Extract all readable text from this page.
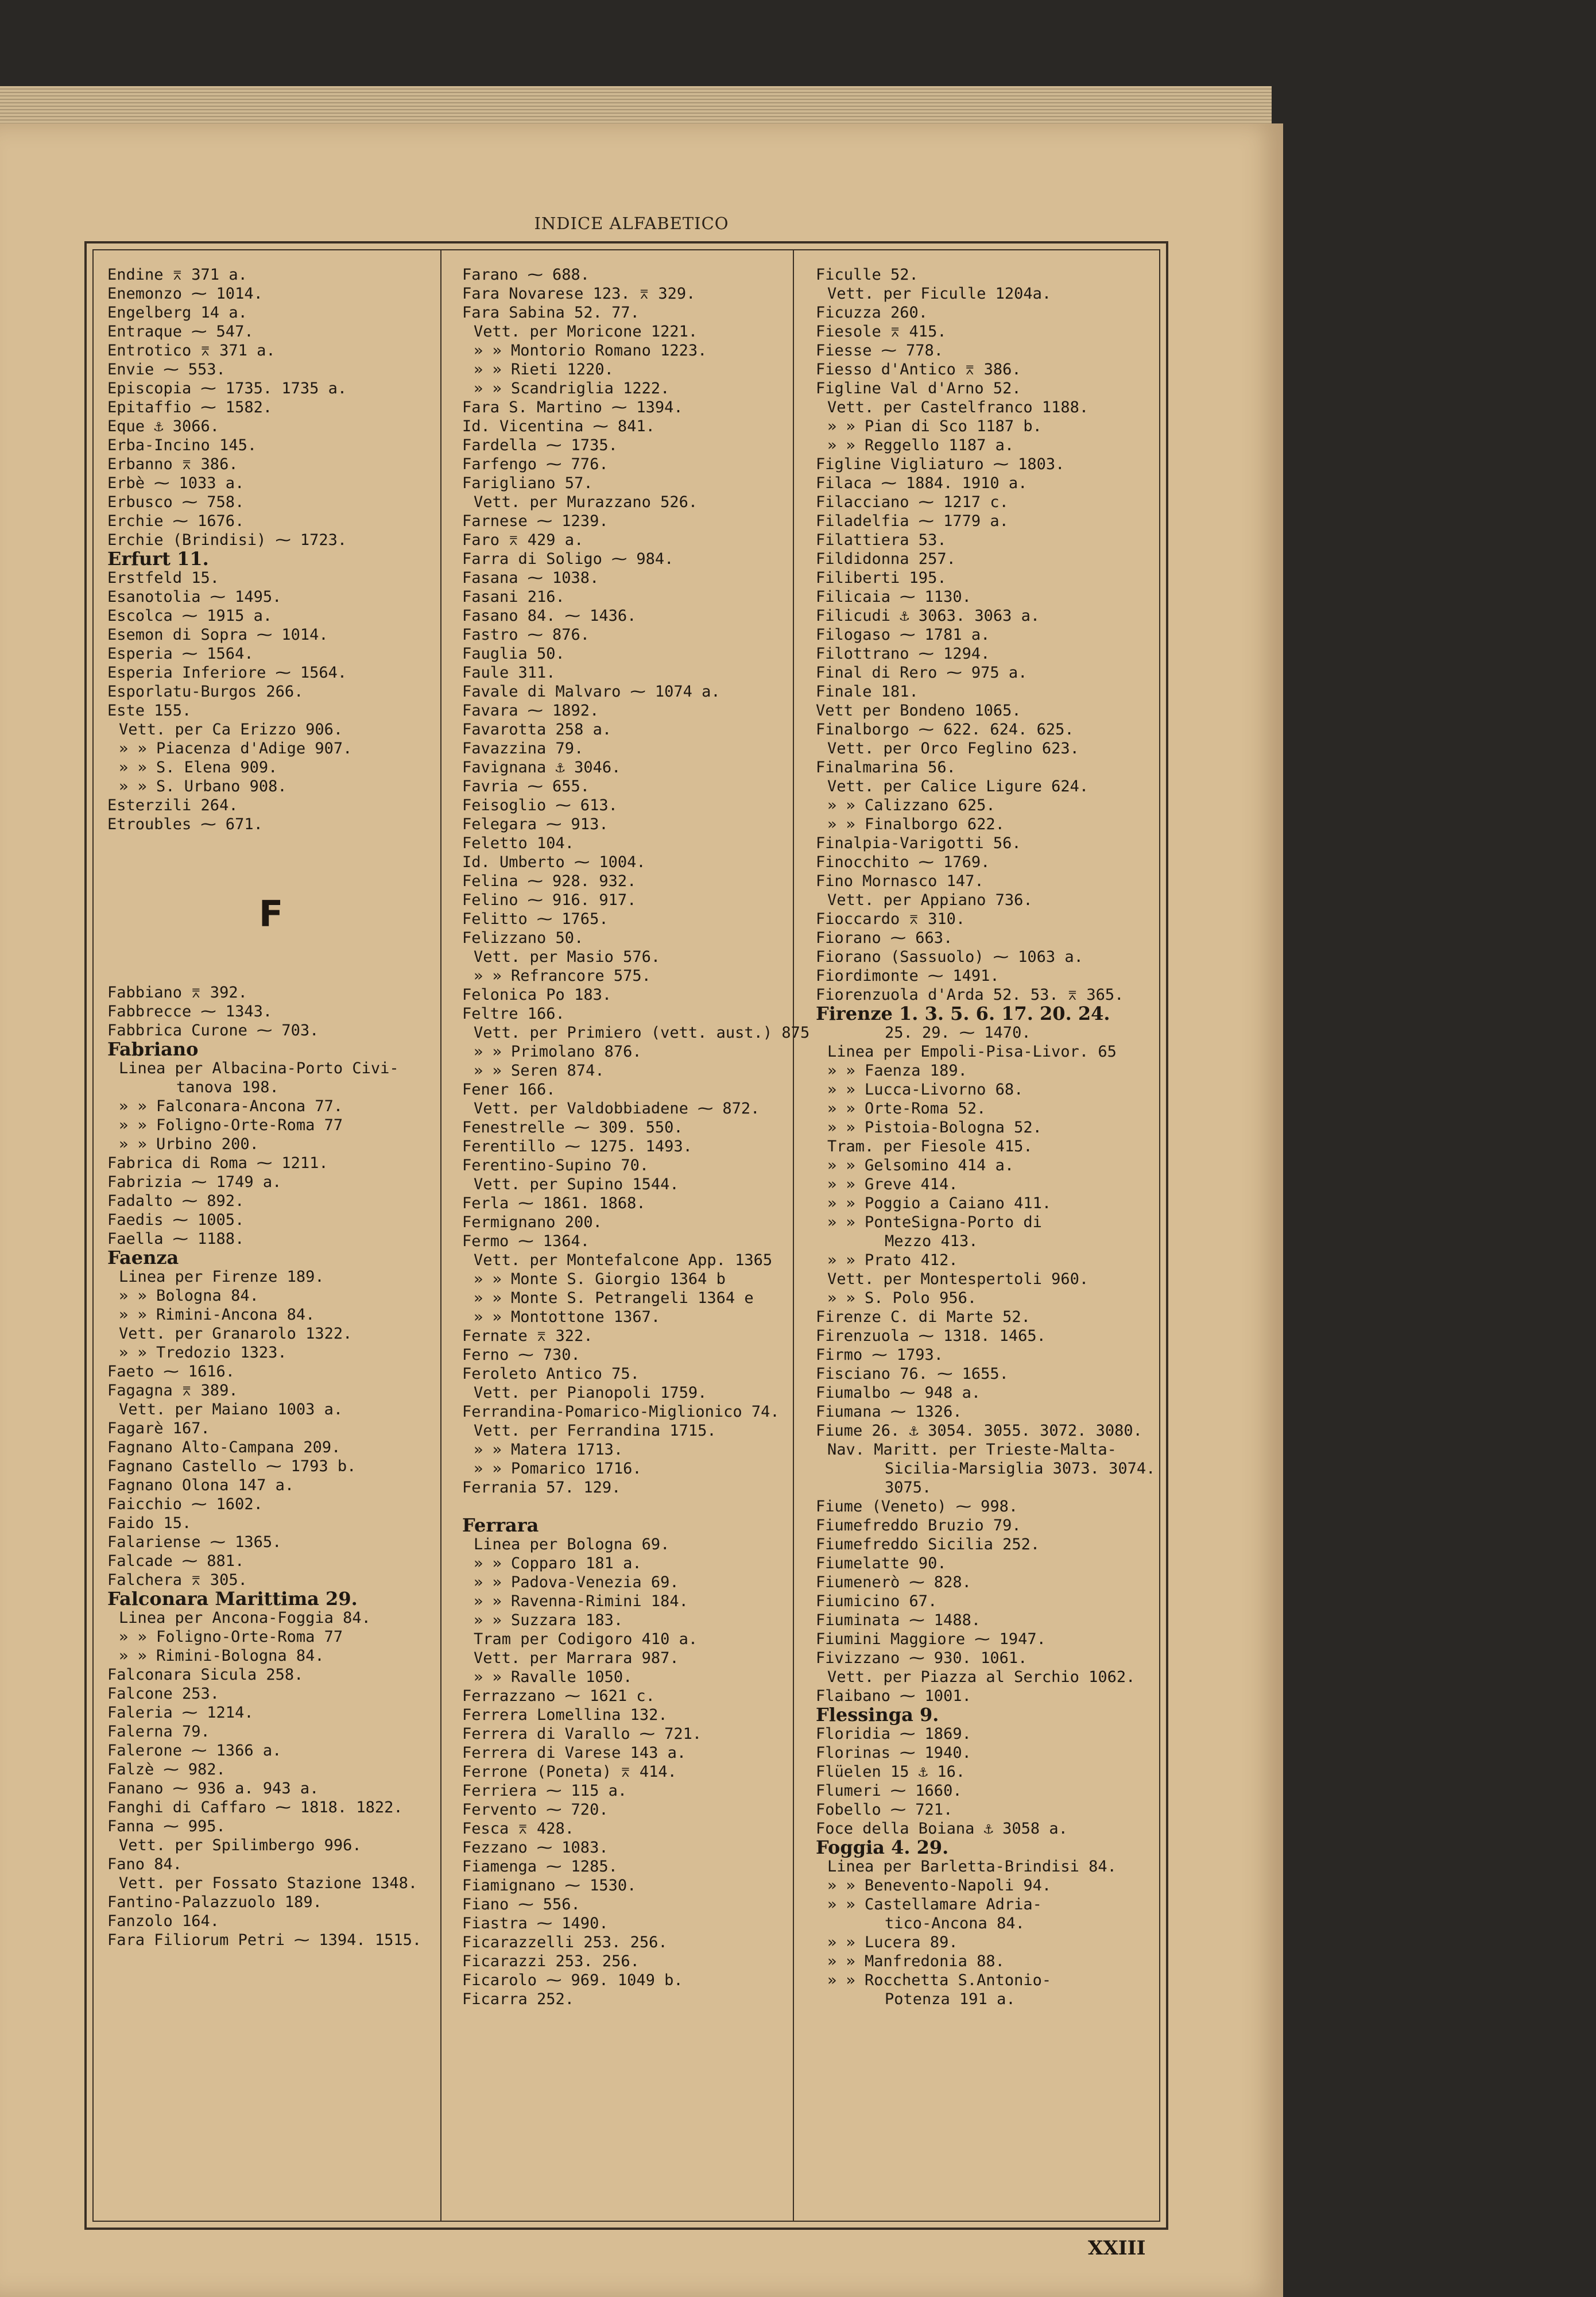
INDICE ALFABETICO
Endine ⌆ 371 a.
Enemonzo ⁓ 1014.
Engelberg 14 a.
Entraque ⁓ 547.
Entrotico ⌆ 371 a.
Envie ⁓ 553.
Episcopia ⁓ 1735. 1735 a.
Epitaffio ⁓ 1582.
Eque ⚓ 3066.
Erba-Incino 145.
Erbanno ⌆ 386.
Erbè ⁓ 1033 a.
Erbusco ⁓ 758.
Erchie ⁓ 1676.
Erchie (Brindisi) ⁓ 1723.
Erfurt 11.
Erstfeld 15.
Esanotolia ⁓ 1495.
Escolca ⁓ 1915 a.
Esemon di Sopra ⁓ 1014.
Esperia ⁓ 1564.
Esperia Inferiore ⁓ 1564.
Esporlatu-Burgos 266.
Este 155.
Vett. per Ca Erizzo 906.
» » Piacenza d'Adige 907.
» » S. Elena 909.
» » S. Urbano 908.
Esterzili 264.
Etroubles ⁓ 671.
F
Fabbiano ⌆ 392.
Fabbrecce ⁓ 1343.
Fabbrica Curone ⁓ 703.
Fabriano
Linea per Albacina-Porto Civi-
tanova 198.
» » Falconara-Ancona 77.
» » Foligno-Orte-Roma 77
» » Urbino 200.
Fabrica di Roma ⁓ 1211.
Fabrizia ⁓ 1749 a.
Fadalto ⁓ 892.
Faedis ⁓ 1005.
Faella ⁓ 1188.
Faenza
Linea per Firenze 189.
» » Bologna 84.
» » Rimini-Ancona 84.
Vett. per Granarolo 1322.
» » Tredozio 1323.
Faeto ⁓ 1616.
Fagagna ⌆ 389.
Vett. per Maiano 1003 a.
Fagarè 167.
Fagnano Alto-Campana 209.
Fagnano Castello ⁓ 1793 b.
Fagnano Olona 147 a.
Faicchio ⁓ 1602.
Faido 15.
Falariense ⁓ 1365.
Falcade ⁓ 881.
Falchera ⌆ 305.
Falconara Marittima 29.
Linea per Ancona-Foggia 84.
» » Foligno-Orte-Roma 77
» » Rimini-Bologna 84.
Falconara Sicula 258.
Falcone 253.
Faleria ⁓ 1214.
Falerna 79.
Falerone ⁓ 1366 a.
Falzè ⁓ 982.
Fanano ⁓ 936 a. 943 a.
Fanghi di Caffaro ⁓ 1818. 1822.
Fanna ⁓ 995.
Vett. per Spilimbergo 996.
Fano 84.
Vett. per Fossato Stazione 1348.
Fantino-Palazzuolo 189.
Fanzolo 164.
Fara Filiorum Petri ⁓ 1394. 1515.
Farano ⁓ 688.
Fara Novarese 123. ⌆ 329.
Fara Sabina 52. 77.
Vett. per Moricone 1221.
» » Montorio Romano 1223.
» » Rieti 1220.
» » Scandriglia 1222.
Fara S. Martino ⁓ 1394.
Id. Vicentina ⁓ 841.
Fardella ⁓ 1735.
Farfengo ⁓ 776.
Farigliano 57.
Vett. per Murazzano 526.
Farnese ⁓ 1239.
Faro ⌆ 429 a.
Farra di Soligo ⁓ 984.
Fasana ⁓ 1038.
Fasani 216.
Fasano 84. ⁓ 1436.
Fastro ⁓ 876.
Fauglia 50.
Faule 311.
Favale di Malvaro ⁓ 1074 a.
Favara ⁓ 1892.
Favarotta 258 a.
Favazzina 79.
Favignana ⚓ 3046.
Favria ⁓ 655.
Feisoglio ⁓ 613.
Felegara ⁓ 913.
Feletto 104.
Id. Umberto ⁓ 1004.
Felina ⁓ 928. 932.
Felino ⁓ 916. 917.
Felitto ⁓ 1765.
Felizzano 50.
Vett. per Masio 576.
» » Refrancore 575.
Felonica Po 183.
Feltre 166.
Vett. per Primiero (vett. aust.) 875
» » Primolano 876.
» » Seren 874.
Fener 166.
Vett. per Valdobbiadene ⁓ 872.
Fenestrelle ⁓ 309. 550.
Ferentillo ⁓ 1275. 1493.
Ferentino-Supino 70.
Vett. per Supino 1544.
Ferla ⁓ 1861. 1868.
Fermignano 200.
Fermo ⁓ 1364.
Vett. per Montefalcone App. 1365
» » Monte S. Giorgio 1364 b
» » Monte S. Petrangeli 1364 e
» » Montottone 1367.
Fernate ⌆ 322.
Ferno ⁓ 730.
Feroleto Antico 75.
Vett. per Pianopoli 1759.
Ferrandina-Pomarico-Miglionico 74.
Vett. per Ferrandina 1715.
» » Matera 1713.
» » Pomarico 1716.
Ferrania 57. 129.
Ferrara
Linea per Bologna 69.
» » Copparo 181 a.
» » Padova-Venezia 69.
» » Ravenna-Rimini 184.
» » Suzzara 183.
Tram per Codigoro 410 a.
Vett. per Marrara 987.
» » Ravalle 1050.
Ferrazzano ⁓ 1621 c.
Ferrera Lomellina 132.
Ferrera di Varallo ⁓ 721.
Ferrera di Varese 143 a.
Ferrone (Poneta) ⌆ 414.
Ferriera ⁓ 115 a.
Fervento ⁓ 720.
Fesca ⌆ 428.
Fezzano ⁓ 1083.
Fiamenga ⁓ 1285.
Fiamignano ⁓ 1530.
Fiano ⁓ 556.
Fiastra ⁓ 1490.
Ficarazzelli 253. 256.
Ficarazzi 253. 256.
Ficarolo ⁓ 969. 1049 b.
Ficarra 252.
Ficulle 52.
Vett. per Ficulle 1204a.
Ficuzza 260.
Fiesole ⌆ 415.
Fiesse ⁓ 778.
Fiesso d'Antico ⌆ 386.
Figline Val d'Arno 52.
Vett. per Castelfranco 1188.
» » Pian di Sco 1187 b.
» » Reggello 1187 a.
Figline Vigliaturo ⁓ 1803.
Filaca ⁓ 1884. 1910 a.
Filacciano ⁓ 1217 c.
Filadelfia ⁓ 1779 a.
Filattiera 53.
Fildidonna 257.
Filiberti 195.
Filicaia ⁓ 1130.
Filicudi ⚓ 3063. 3063 a.
Filogaso ⁓ 1781 a.
Filottrano ⁓ 1294.
Final di Rero ⁓ 975 a.
Finale 181.
Vett per Bondeno 1065.
Finalborgo ⁓ 622. 624. 625.
Vett. per Orco Feglino 623.
Finalmarina 56.
Vett. per Calice Ligure 624.
» » Calizzano 625.
» » Finalborgo 622.
Finalpia-Varigotti 56.
Finocchito ⁓ 1769.
Fino Mornasco 147.
Vett. per Appiano 736.
Fioccardo ⌆ 310.
Fiorano ⁓ 663.
Fiorano (Sassuolo) ⁓ 1063 a.
Fiordimonte ⁓ 1491.
Fiorenzuola d'Arda 52. 53. ⌆ 365.
Firenze 1. 3. 5. 6. 17. 20. 24.
25. 29. ⁓ 1470.
Linea per Empoli-Pisa-Livor. 65
» » Faenza 189.
» » Lucca-Livorno 68.
» » Orte-Roma 52.
» » Pistoia-Bologna 52.
Tram. per Fiesole 415.
» » Gelsomino 414 a.
» » Greve 414.
» » Poggio a Caiano 411.
» » PonteSigna-Porto di
Mezzo 413.
» » Prato 412.
Vett. per Montespertoli 960.
» » S. Polo 956.
Firenze C. di Marte 52.
Firenzuola ⁓ 1318. 1465.
Firmo ⁓ 1793.
Fisciano 76. ⁓ 1655.
Fiumalbo ⁓ 948 a.
Fiumana ⁓ 1326.
Fiume 26. ⚓ 3054. 3055. 3072. 3080.
Nav. Maritt. per Trieste-Malta-
Sicilia-Marsiglia 3073. 3074.
3075.
Fiume (Veneto) ⁓ 998.
Fiumefreddo Bruzio 79.
Fiumefreddo Sicilia 252.
Fiumelatte 90.
Fiumenerò ⁓ 828.
Fiumicino 67.
Fiuminata ⁓ 1488.
Fiumini Maggiore ⁓ 1947.
Fivizzano ⁓ 930. 1061.
Vett. per Piazza al Serchio 1062.
Flaibano ⁓ 1001.
Flessinga 9.
Floridia ⁓ 1869.
Florinas ⁓ 1940.
Flüelen 15 ⚓ 16.
Flumeri ⁓ 1660.
Fobello ⁓ 721.
Foce della Boiana ⚓ 3058 a.
Foggia 4. 29.
Linea per Barletta-Brindisi 84.
» » Benevento-Napoli 94.
» » Castellamare Adria-
tico-Ancona 84.
» » Lucera 89.
» » Manfredonia 88.
» » Rocchetta S.Antonio-
Potenza 191 a.
XXIII
